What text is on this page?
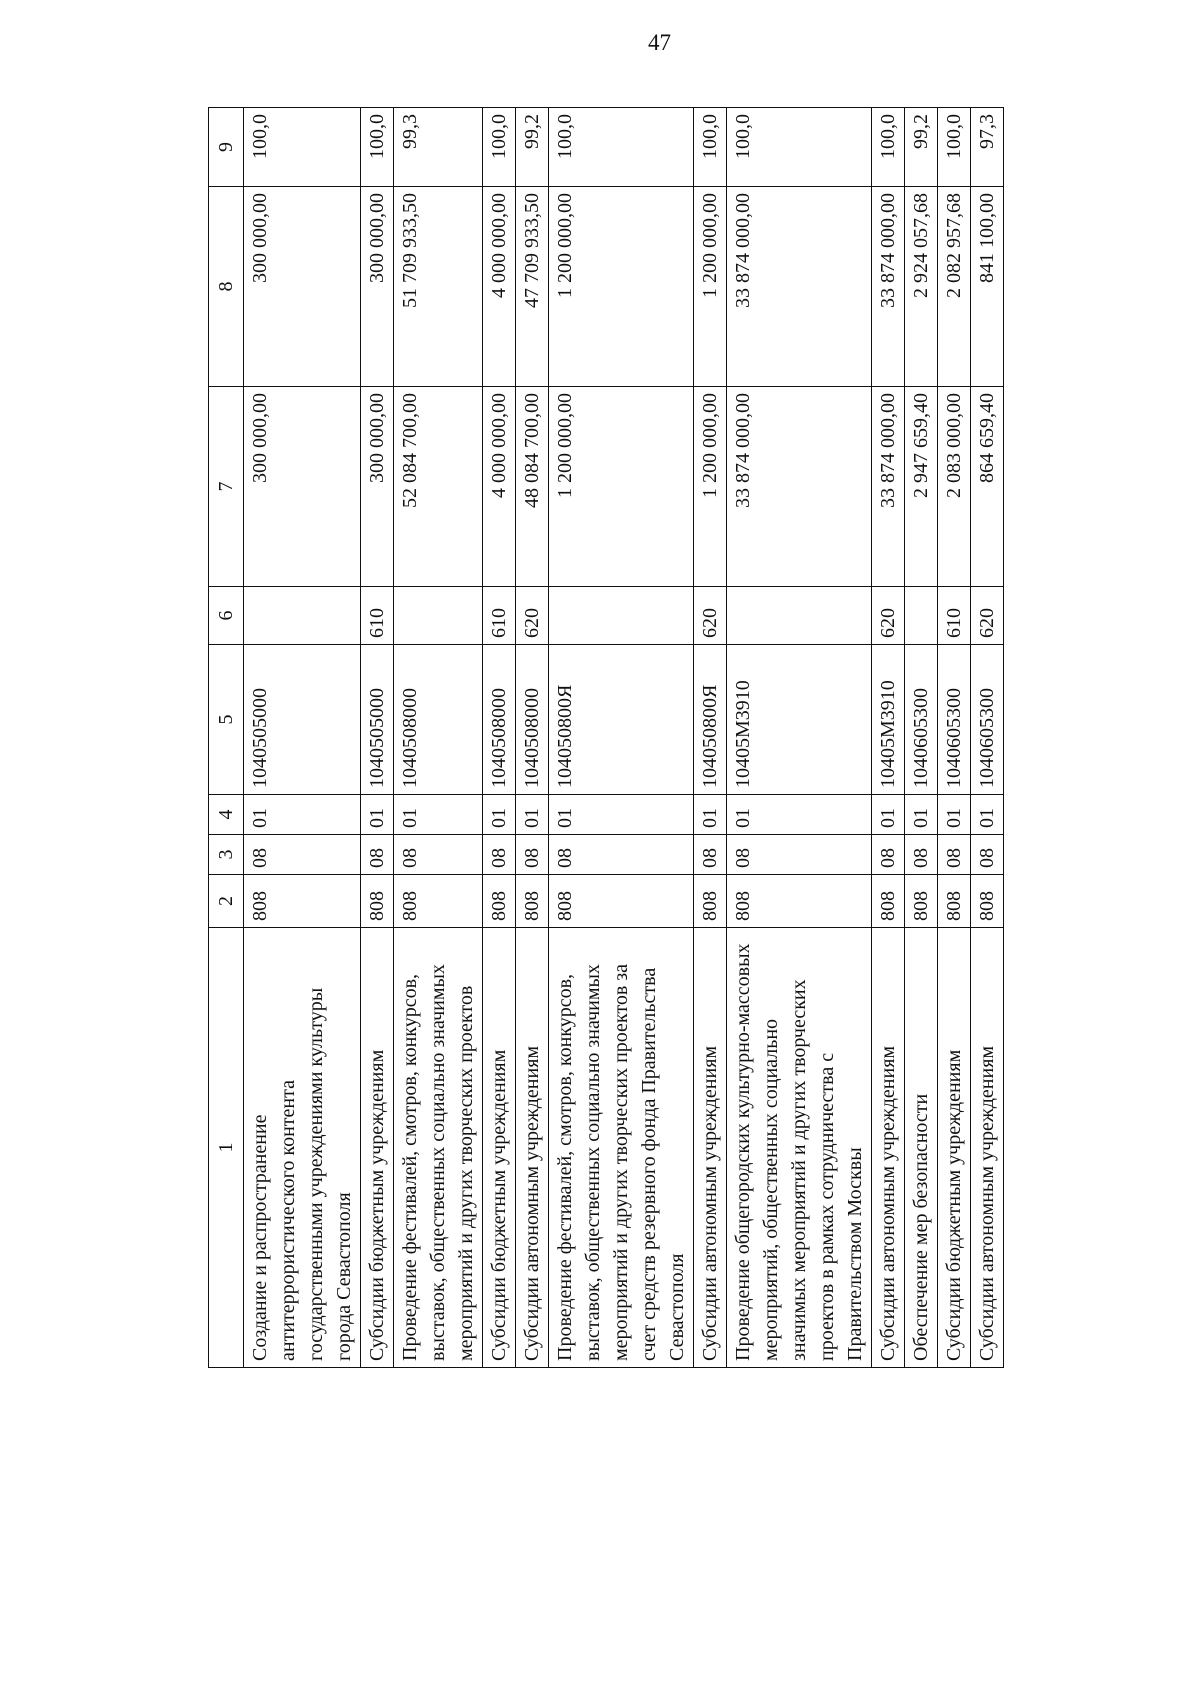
47
1	2	3	4	5	6	7	8	9
Создание и распространение антитеррористического контента государственными учреждениями культуры города Севастополя	808	08	01	1040505000		300 000,00	300 000,00	100,0
Субсидии бюджетным учреждениям	808	08	01	1040505000	610	300 000,00	300 000,00	100,0
Проведение фестивалей, смотров, конкурсов, выставок, общественных социально значимых мероприятий и других творческих проектов	808	08	01	1040508000		52 084 700,00	51 709 933,50	99,3
Субсидии бюджетным учреждениям	808	08	01	1040508000	610	4 000 000,00	4 000 000,00	100,0
Субсидии автономным учреждениям	808	08	01	1040508000	620	48 084 700,00	47 709 933,50	99,2
Проведение фестивалей, смотров, конкурсов, выставок, общественных социально значимых мероприятий и других творческих проектов за счет средств резервного фонда Правительства Севастополя	808	08	01	104050800Я		1 200 000,00	1 200 000,00	100,0
Субсидии автономным учреждениям	808	08	01	104050800Я	620	1 200 000,00	1 200 000,00	100,0
Проведение общегородских культурно-массовых мероприятий, общественных социально значимых мероприятий и других творческих проектов в рамках сотрудничества с Правительством Москвы	808	08	01	10405М3910		33 874 000,00	33 874 000,00	100,0
Субсидии автономным учреждениям	808	08	01	10405М3910	620	33 874 000,00	33 874 000,00	100,0
Обеспечение мер безопасности	808	08	01	1040605300		2 947 659,40	2 924 057,68	99,2
Субсидии бюджетным учреждениям	808	08	01	1040605300	610	2 083 000,00	2 082 957,68	100,0
Субсидии автономным учреждениям	808	08	01	1040605300	620	864 659,40	841 100,00	97,3
